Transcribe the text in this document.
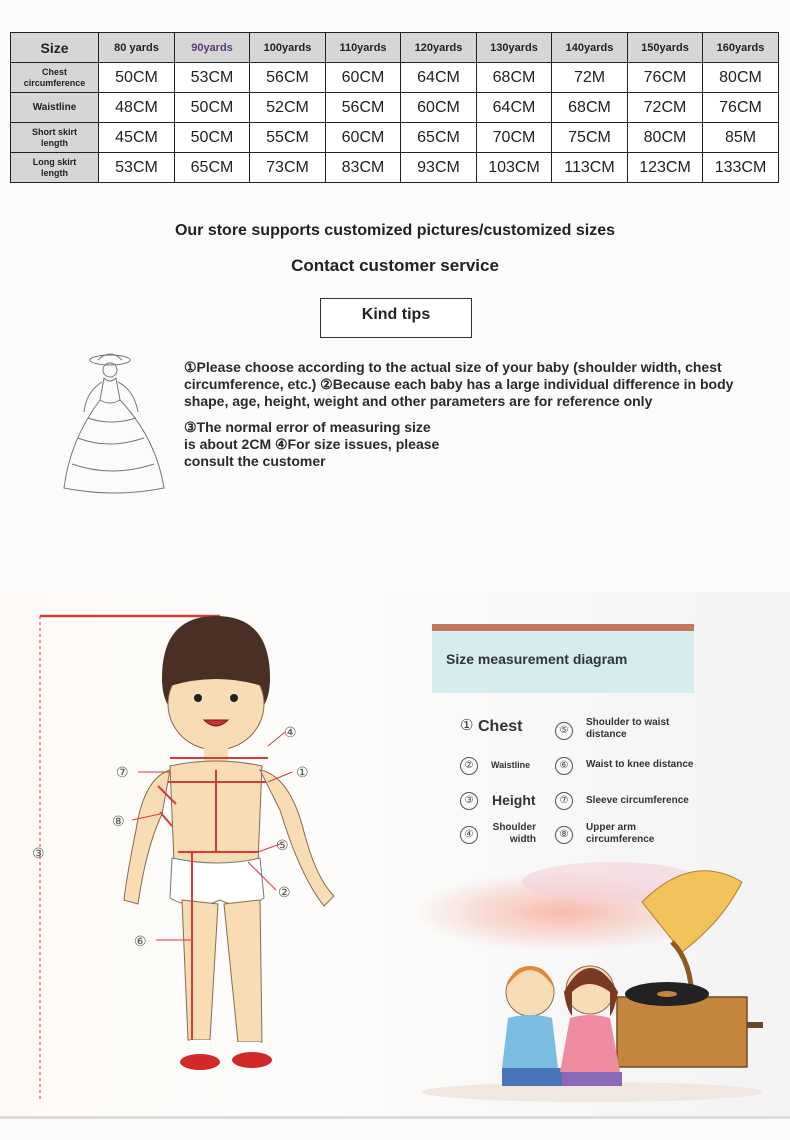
Size	80 yards	90yards	100yards	110yards	120yards	130yards	140yards	150yards	160yards
Chest
circumference	50CM	53CM	56CM	60CM	64CM	68CM	72M	76CM	80CM
Waistline	48CM	50CM	52CM	56CM	60CM	64CM	68CM	72CM	76CM
Short skirt
length	45CM	50CM	55CM	60CM	65CM	70CM	75CM	80CM	85M
Long skirt
length	53CM	65CM	73CM	83CM	93CM	103CM	113CM	123CM	133CM
Our store supports customized pictures/customized sizes
Contact customer service
Kind tips
①Please choose according to the actual size of your baby (shoulder width, chest circumference, etc.) ②Because each baby has a large individual difference in body shape, age, height, weight and other parameters are for reference only
③The normal error of measuring size is about 2CM ④For size issues, please consult the customer
④
①
⑤
②
⑦
⑧
③
⑥
Size measurement diagram
① Chest	⑤
Shoulder to waist distance
②	Waistline	⑥	Waist to knee distance
③	Height	⑦	Sleeve circumference
④
Shoulder width	⑧
Upper arm circumference
